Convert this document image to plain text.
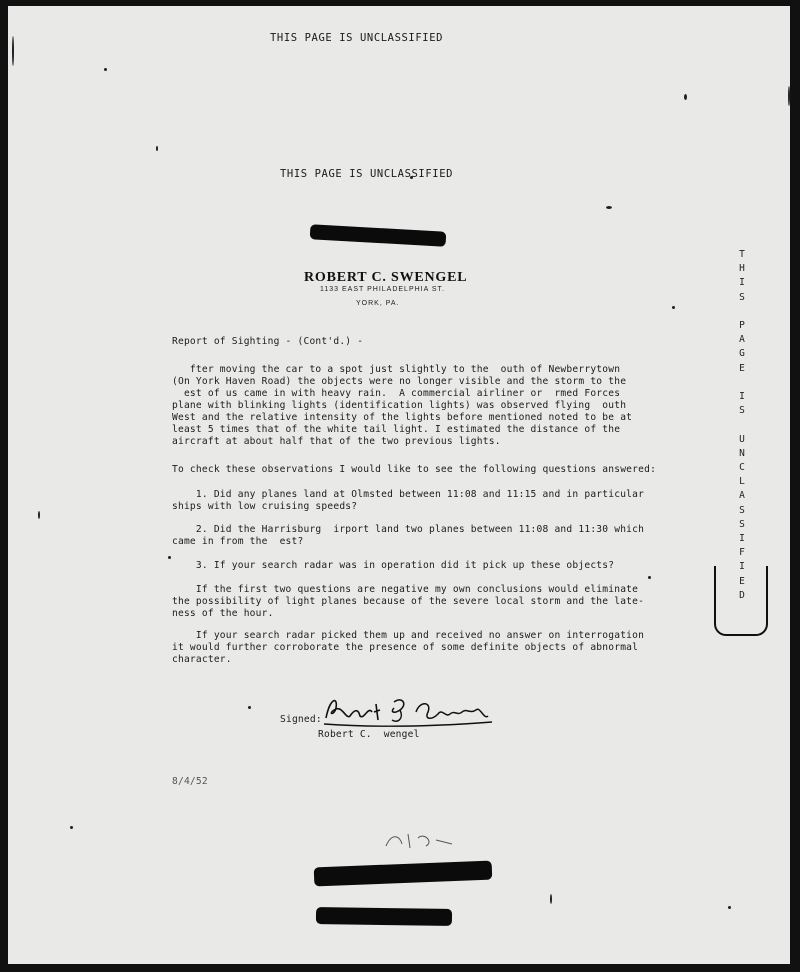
THIS PAGE IS UNCLASSIFIED
THIS PAGE IS UNCLASSIFIED
ROBERT C. SWENGEL
1133 EAST PHILADELPHIA ST.
YORK, PA.
T
H
I
S

P
A
G
E

I
S

U
N
C
L
A
S
S
I
F
I
E
D
Report of Sighting - (Cont'd.) -
fter moving the car to a spot just slightly to the  outh of Newberrytown
(On York Haven Road) the objects were no longer visible and the storm to the
est of us came in with heavy rain.  A commercial airliner or  rmed Forces
plane with blinking lights (identification lights) was observed flying  outh
West and the relative intensity of the lights before mentioned noted to be at
least 5 times that of the white tail light. I estimated the distance of the
aircraft at about half that of the two previous lights.
To check these observations I would like to see the following questions answered:
1. Did any planes land at Olmsted between 11:08 and 11:15 and in particular
ships with low cruising speeds?
2. Did the Harrisburg  irport land two planes between 11:08 and 11:30 which
came in from the  est?
3. If your search radar was in operation did it pick up these objects?
If the first two questions are negative my own conclusions would eliminate
the possibility of light planes because of the severe local storm and the late-
ness of the hour.
If your search radar picked them up and received no answer on interrogation
it would further corroborate the presence of some definite objects of abnormal
character.
Signed:
Robert C.  wengel
8/4/52
